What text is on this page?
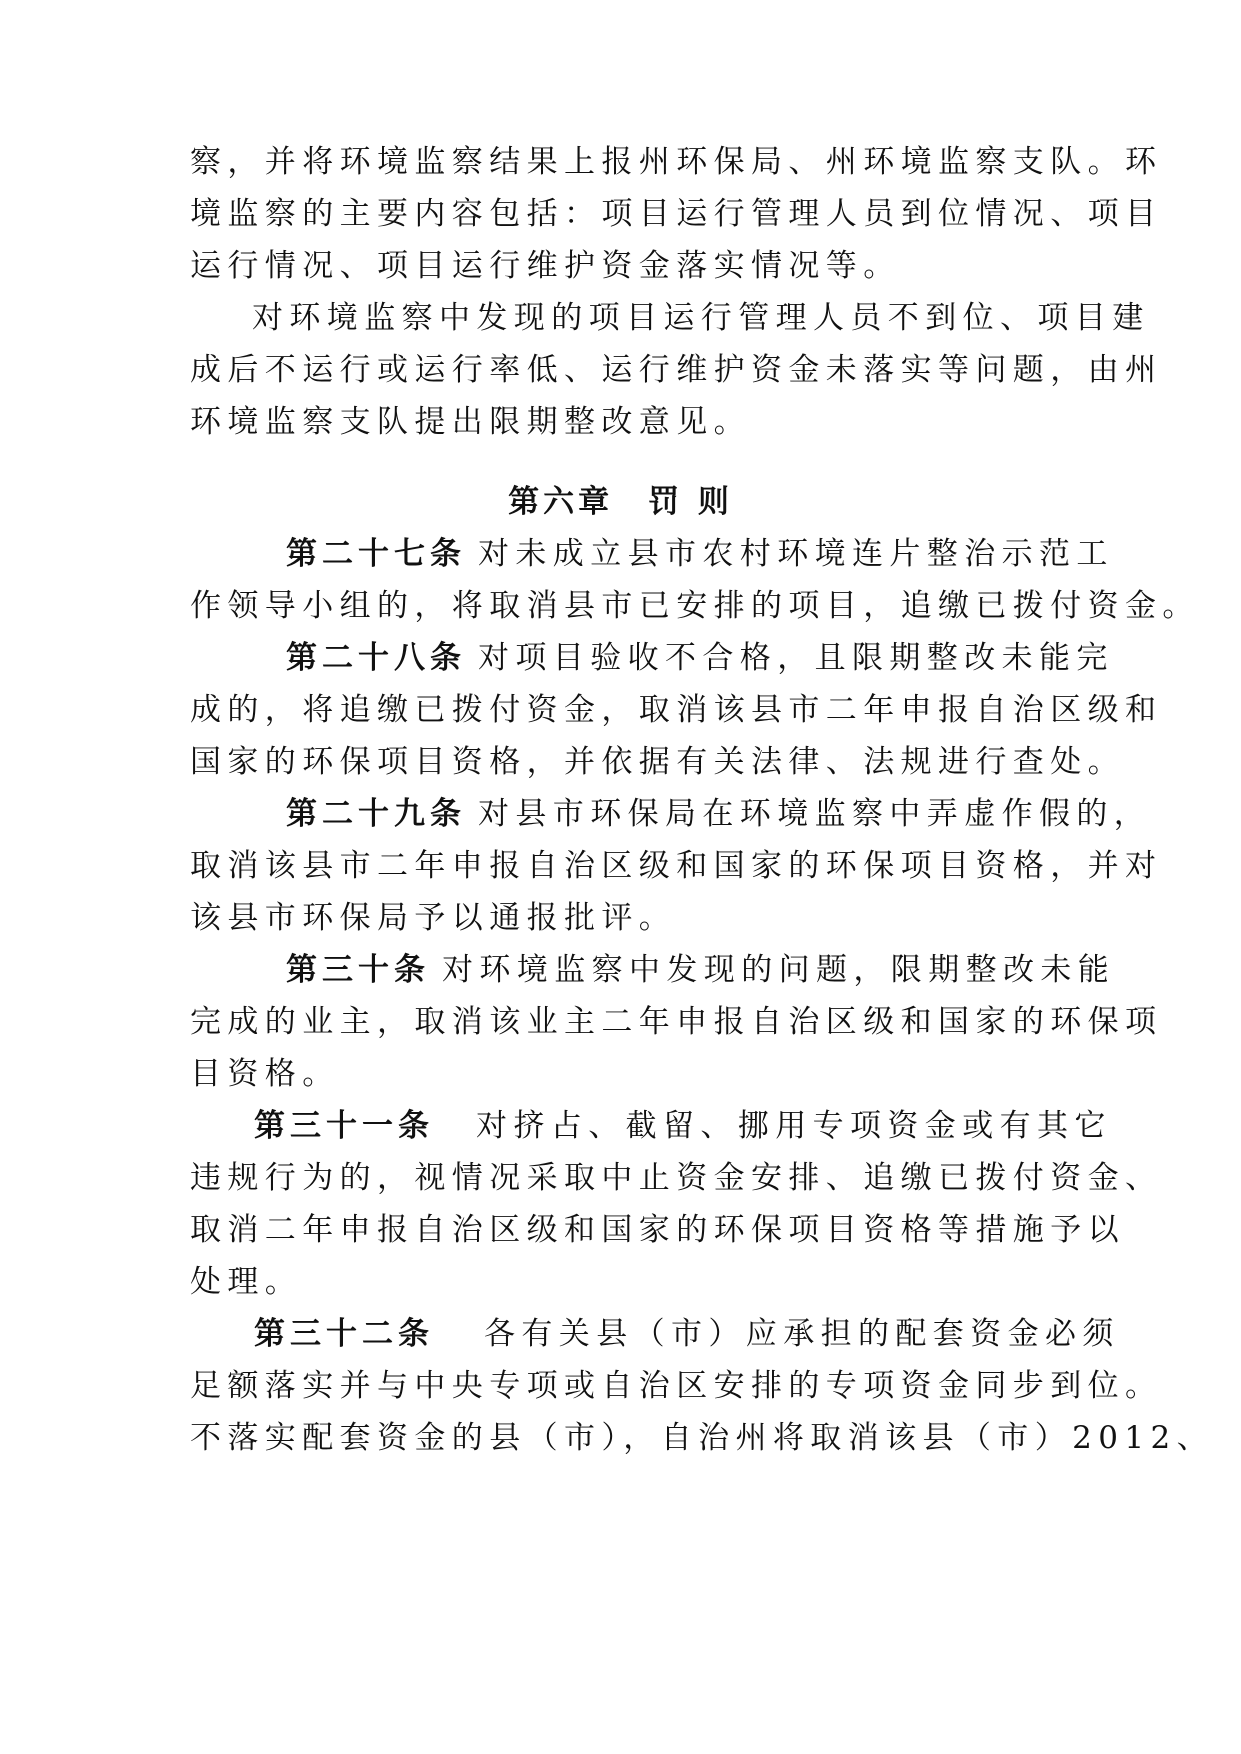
察，并将环境监察结果上报州环保局、州环境监察支队。环
境监察的主要内容包括：项目运行管理人员到位情况、项目
运行情况、项目运行维护资金落实情况等。
对环境监察中发现的项目运行管理人员不到位、项目建
成后不运行或运行率低、运行维护资金未落实等问题，由州
环境监察支队提出限期整改意见。
第六章　罚 则
第二十七条 对未成立县市农村环境连片整治示范工
作领导小组的，将取消县市已安排的项目，追缴已拨付资金。
第二十八条 对项目验收不合格，且限期整改未能完
成的，将追缴已拨付资金，取消该县市二年申报自治区级和
国家的环保项目资格，并依据有关法律、法规进行查处。
第二十九条 对县市环保局在环境监察中弄虚作假的，
取消该县市二年申报自治区级和国家的环保项目资格，并对
该县市环保局予以通报批评。
第三十条 对环境监察中发现的问题，限期整改未能
完成的业主，取消该业主二年申报自治区级和国家的环保项
目资格。
第三十一条 对挤占、截留、挪用专项资金或有其它
违规行为的，视情况采取中止资金安排、追缴已拨付资金、
取消二年申报自治区级和国家的环保项目资格等措施予以
处理。
第三十二条 各有关县（市）应承担的配套资金必须
足额落实并与中央专项或自治区安排的专项资金同步到位。
不落实配套资金的县（市），自治州将取消该县（市）2012、
